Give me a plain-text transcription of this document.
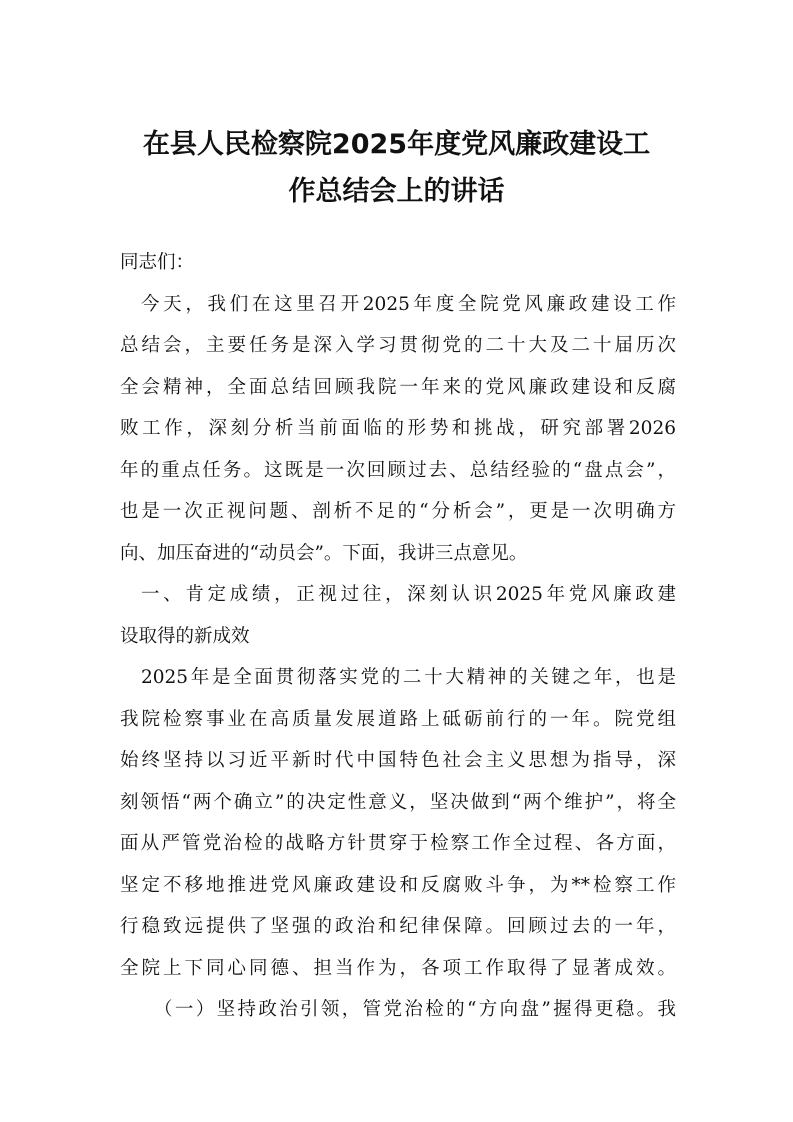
在县人民检察院2025年度党风廉政建设工
作总结会上的讲话
同志们：
今天，我们在这里召开2025年度全院党风廉政建设工作
总结会，主要任务是深入学习贯彻党的二十大及二十届历次
全会精神，全面总结回顾我院一年来的党风廉政建设和反腐
败工作，深刻分析当前面临的形势和挑战，研究部署2026
年的重点任务。这既是一次回顾过去、总结经验的“盘点会”，
也是一次正视问题、剖析不足的“分析会”，更是一次明确方
向、加压奋进的“动员会”。下面，我讲三点意见。
一、肯定成绩，正视过往，深刻认识2025年党风廉政建
设取得的新成效
2025年是全面贯彻落实党的二十大精神的关键之年，也是
我院检察事业在高质量发展道路上砥砺前行的一年。院党组
始终坚持以习近平新时代中国特色社会主义思想为指导，深
刻领悟“两个确立”的决定性意义，坚决做到“两个维护”，将全
面从严管党治检的战略方针贯穿于检察工作全过程、各方面，
坚定不移地推进党风廉政建设和反腐败斗争，为**检察工作
行稳致远提供了坚强的政治和纪律保障。回顾过去的一年，
全院上下同心同德、担当作为，各项工作取得了显著成效。
（一）坚持政治引领，管党治检的“方向盘”握得更稳。我
